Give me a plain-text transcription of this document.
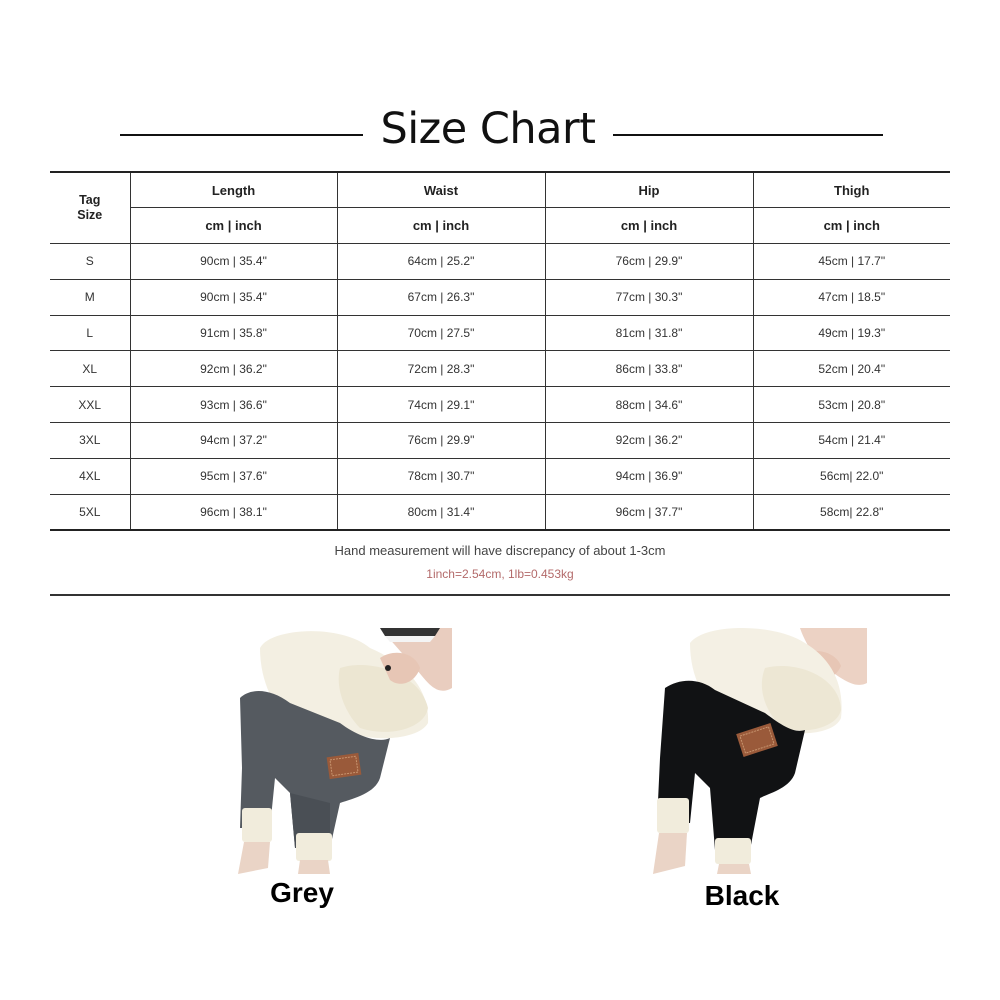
Size Chart
Tag
Size	Length	Waist	Hip	Thigh
	cm | inch	cm | inch	cm | inch	cm | inch
S	90cm | 35.4"	64cm | 25.2"	76cm | 29.9"	45cm | 17.7"
M	90cm | 35.4"	67cm | 26.3"	77cm | 30.3"	47cm | 18.5"
L	91cm | 35.8"	70cm | 27.5"	81cm | 31.8"	49cm | 19.3"
XL	92cm | 36.2"	72cm | 28.3"	86cm | 33.8"	52cm | 20.4"
XXL	93cm | 36.6"	74cm | 29.1"	88cm | 34.6"	53cm | 20.8"
3XL	94cm | 37.2"	76cm | 29.9"	92cm | 36.2"	54cm | 21.4"
4XL	95cm | 37.6"	78cm | 30.7"	94cm | 36.9"	56cm| 22.0"
5XL	96cm | 38.1"	80cm | 31.4"	96cm | 37.7"	58cm| 22.8"
Hand measurement will have discrepancy of about 1-3cm
1inch=2.54cm, 1lb=0.453kg
Grey	Black
